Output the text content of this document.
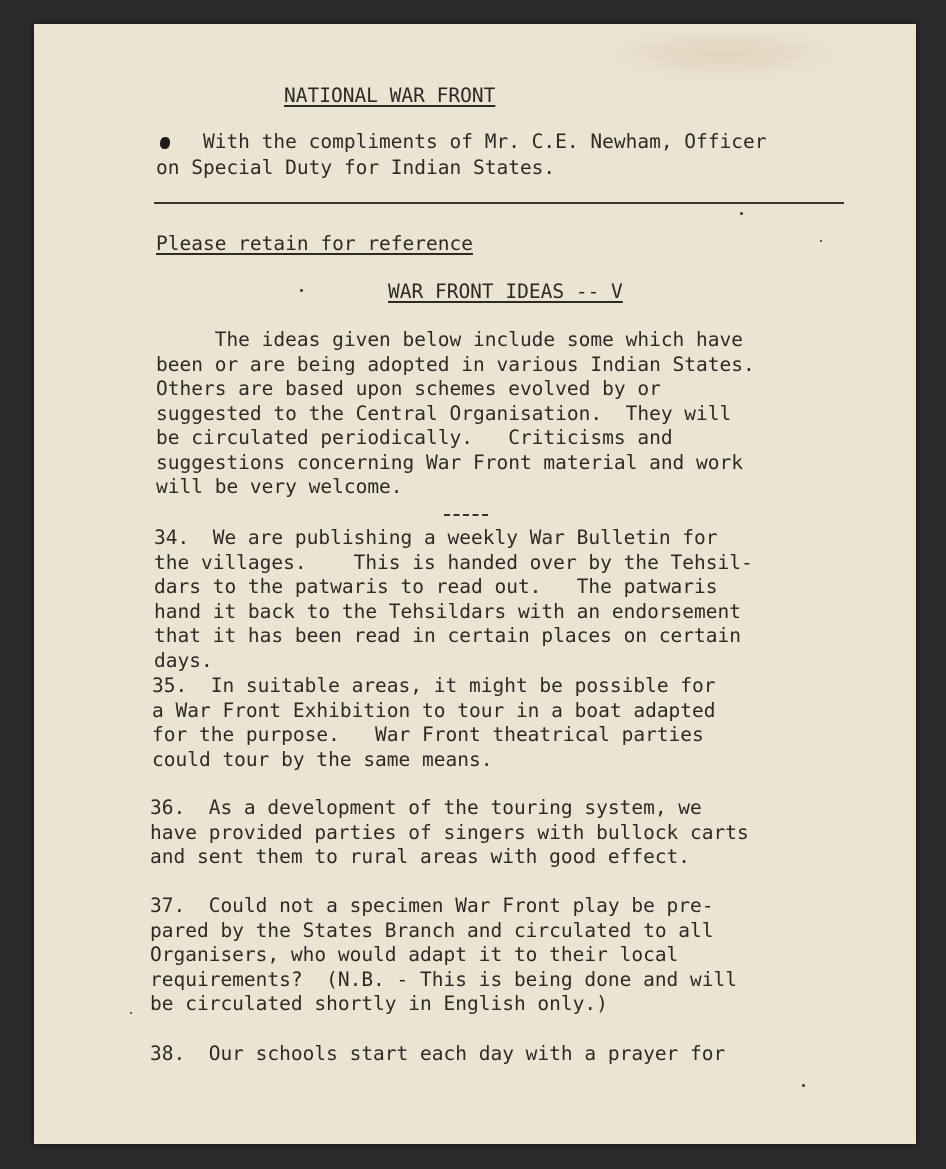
NATIONAL WAR FRONT

With the compliments of Mr. C.E. Newham, Officer

on Special Duty for Indian States.

Please retain for reference

WAR FRONT IDEAS -- V

The ideas given below include some which have

been or are being adopted in various Indian States.

Others are based upon schemes evolved by or

suggested to the Central Organisation.  They will

be circulated periodically.   Criticisms and

suggestions concerning War Front material and work

will be very welcome.

34.  We are publishing a weekly War Bulletin for

the villages.    This is handed over by the Tehsil-

dars to the patwaris to read out.   The patwaris

hand it back to the Tehsildars with an endorsement

that it has been read in certain places on certain

days.

35.  In suitable areas, it might be possible for

a War Front Exhibition to tour in a boat adapted

for the purpose.   War Front theatrical parties

could tour by the same means.

36.  As a development of the touring system, we

have provided parties of singers with bullock carts

and sent them to rural areas with good effect.

37.  Could not a specimen War Front play be pre-

pared by the States Branch and circulated to all

Organisers, who would adapt it to their local

requirements?  (N.B. - This is being done and will

be circulated shortly in English only.)

38.  Our schools start each day with a prayer for
